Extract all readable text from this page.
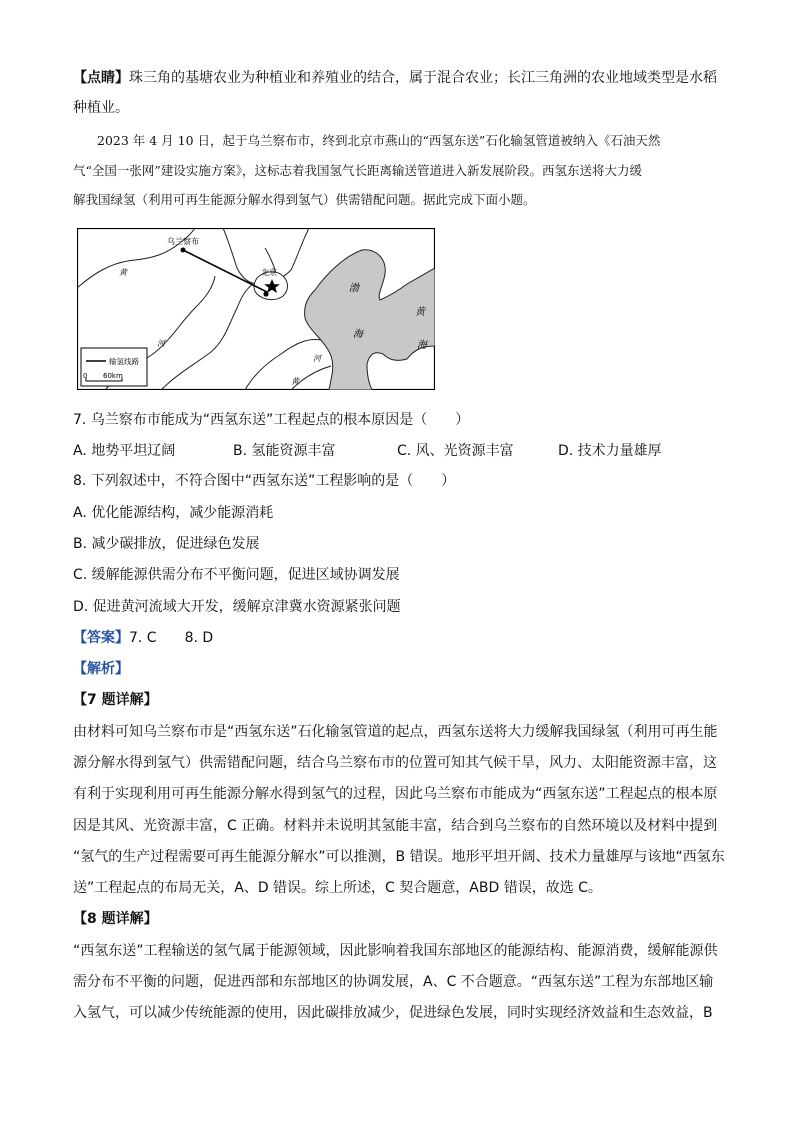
【点睛】珠三角的基塘农业为种植业和养殖业的结合，属于混合农业；长江三角洲的农业地域类型是水稻
种植业。
2023 年 4 月 10 日，起于乌兰察布市，终到北京市燕山的“西氢东送”石化输氢管道被纳入《石油天然
气“全国一张网”建设实施方案》，这标志着我国氢气长距离输送管道进入新发展阶段。西氢东送将大力缓
解我国绿氢（利用可再生能源分解水得到氢气）供需错配问题。据此完成下面小题。
乌兰察布
北京
渤
海
黄
海
黄
河
河
黄
输氢线路
0 60km
7. 乌兰察布市能成为“西氢东送”工程起点的根本原因是（　　）
A. 地势平坦辽阔	B. 氢能资源丰富	C. 风、光资源丰富	D. 技术力量雄厚
8. 下列叙述中，不符合图中“西氢东送”工程影响的是（　　）
A. 优化能源结构，减少能源消耗
B. 减少碳排放，促进绿色发展
C. 缓解能源供需分布不平衡问题，促进区域协调发展
D. 促进黄河流域大开发，缓解京津冀水资源紧张问题
【答案】7. C　　8. D
【解析】
【7 题详解】
由材料可知乌兰察布市是“西氢东送”石化输氢管道的起点，西氢东送将大力缓解我国绿氢（利用可再生能
源分解水得到氢气）供需错配问题，结合乌兰察布市的位置可知其气候干旱，风力、太阳能资源丰富，这
有利于实现利用可再生能源分解水得到氢气的过程，因此乌兰察布市能成为“西氢东送”工程起点的根本原
因是其风、光资源丰富，C 正确。材料并未说明其氢能丰富，结合到乌兰察布的自然环境以及材料中提到
“氢气的生产过程需要可再生能源分解水”可以推测，B 错误。地形平坦开阔、技术力量雄厚与该地“西氢东
送”工程起点的布局无关，A、D 错误。综上所述，C 契合题意，ABD 错误，故选 C。
【8 题详解】
“西氢东送”工程输送的氢气属于能源领域，因此影响着我国东部地区的能源结构、能源消费，缓解能源供
需分布不平衡的问题，促进西部和东部地区的协调发展，A、C 不合题意。“西氢东送”工程为东部地区输
入氢气，可以减少传统能源的使用，因此碳排放减少，促进绿色发展，同时实现经济效益和生态效益，B
